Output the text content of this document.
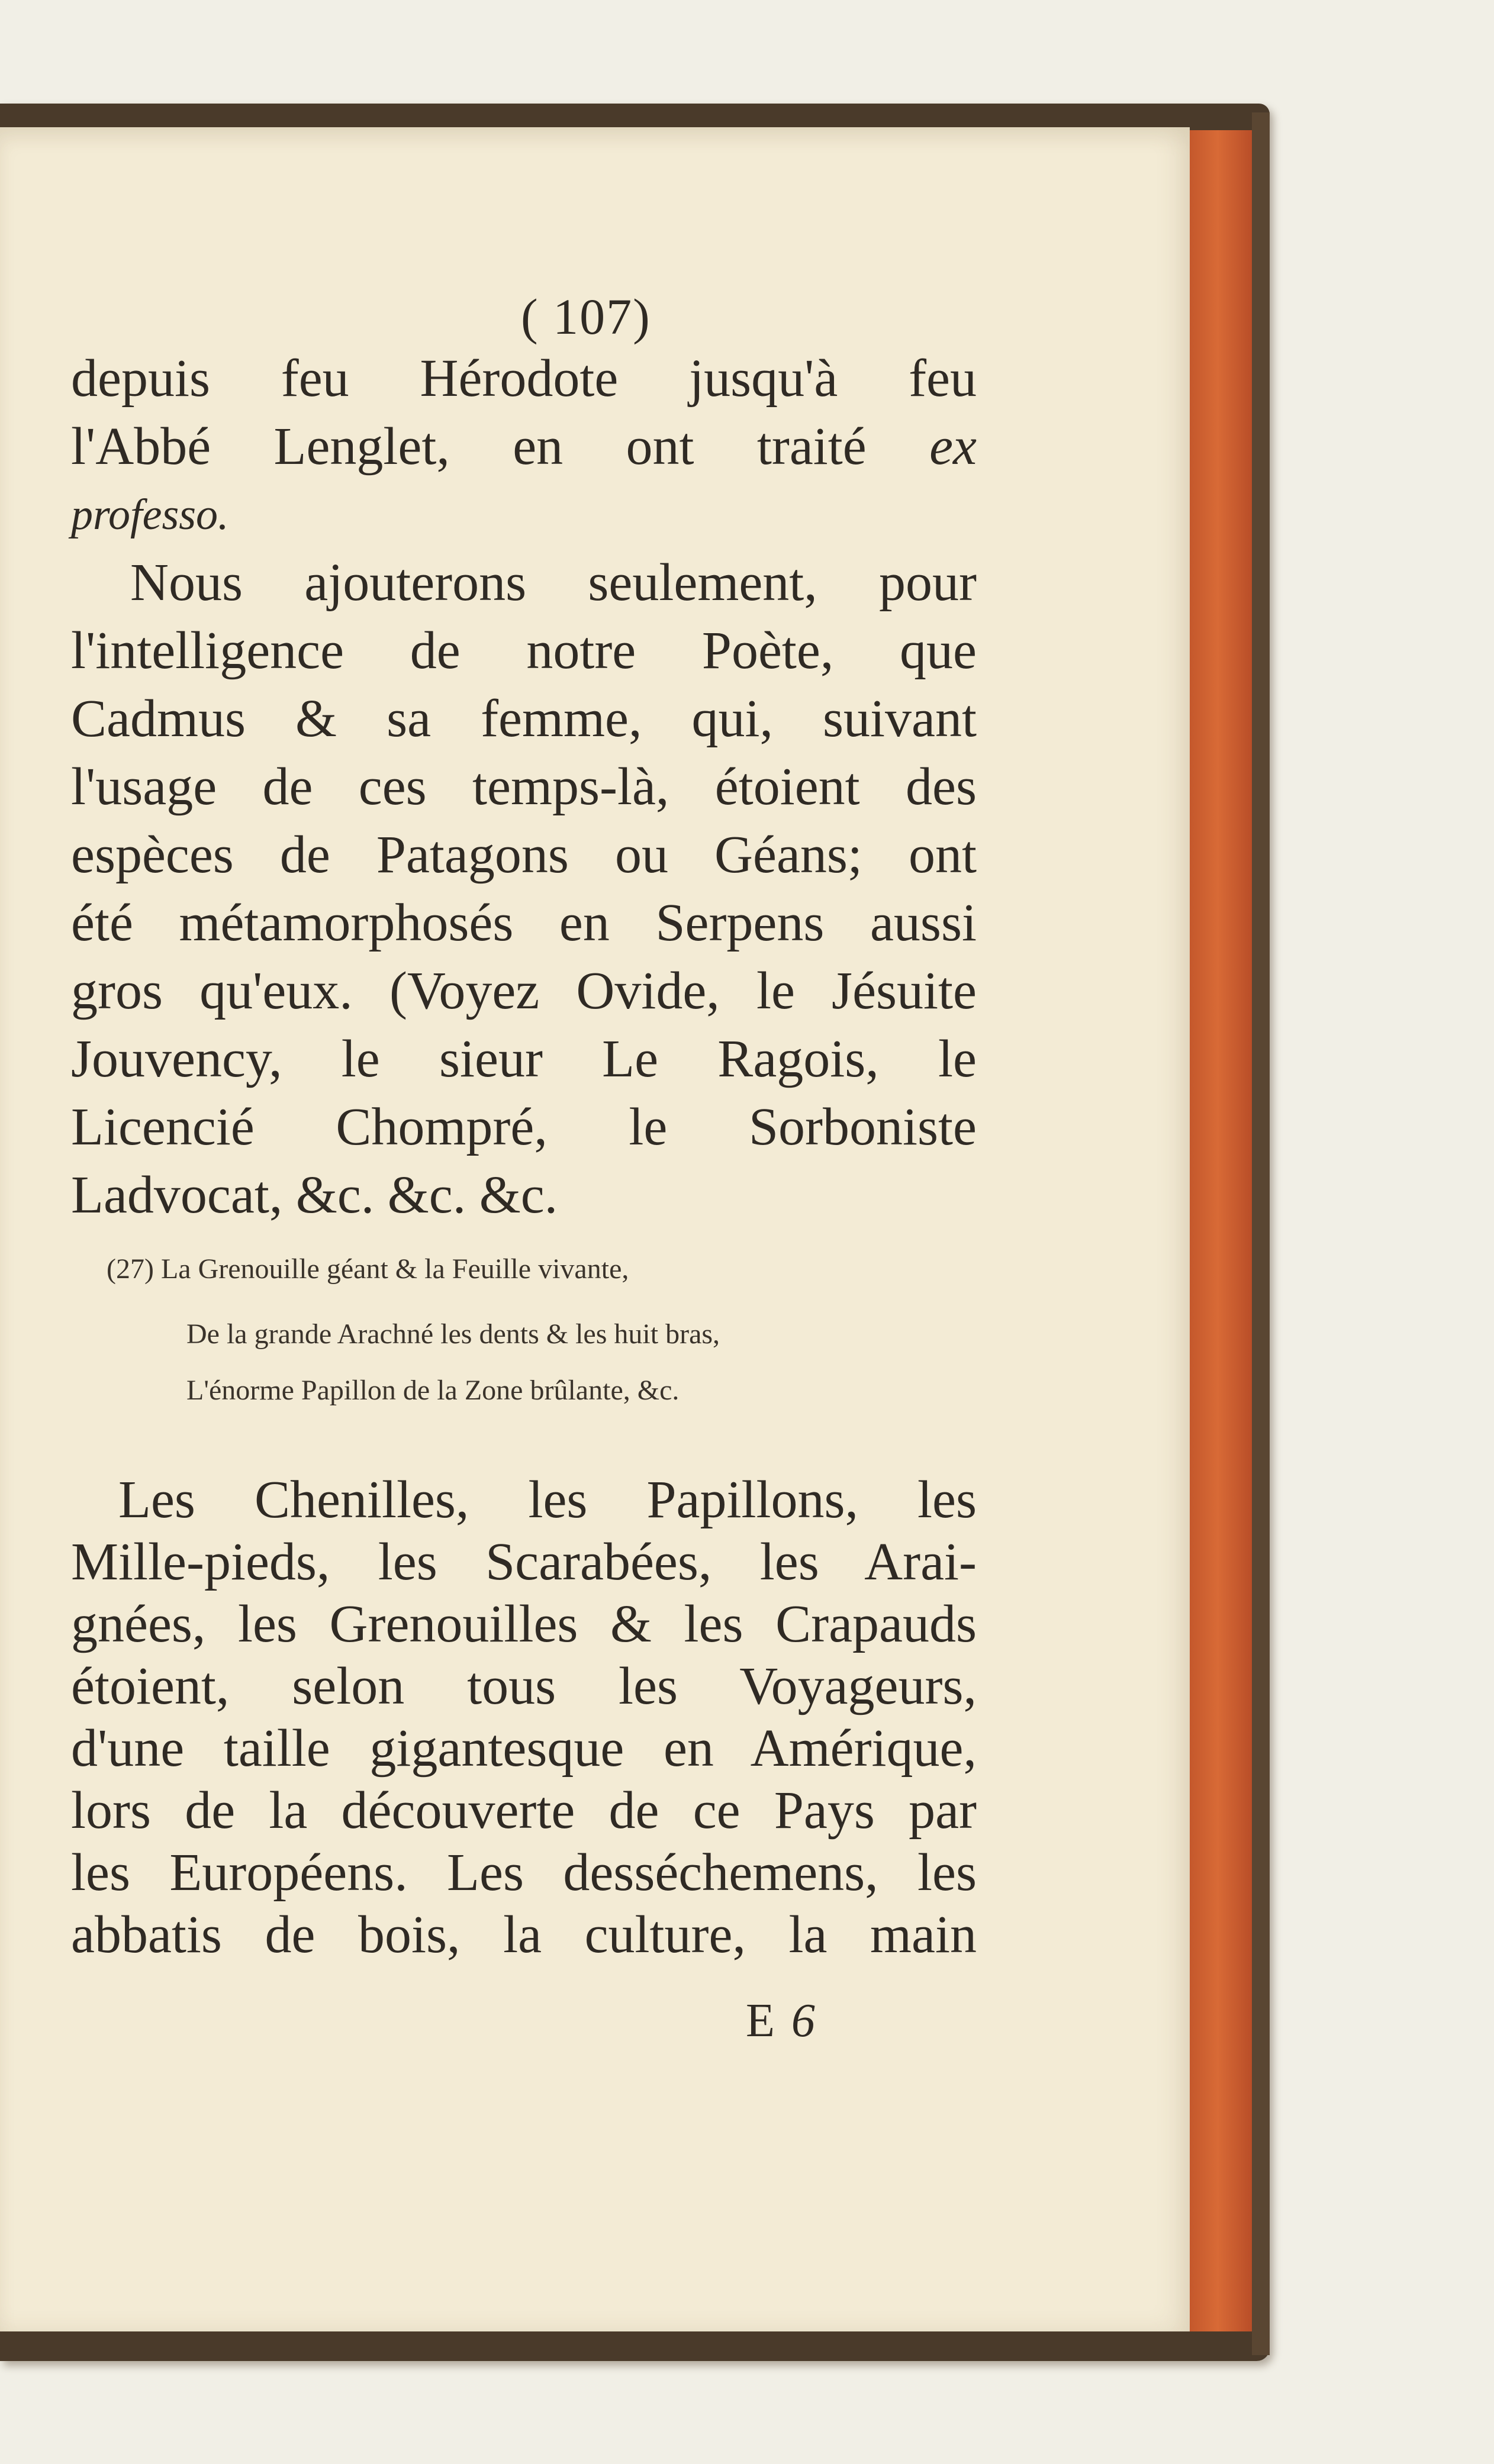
( 107)
depuis feu Hérodote jusqu'à feu
l'Abbé Lenglet, en ont traité ex
professo.
Nous ajouterons seulement, pour
l'intelligence de notre Poète, que
Cadmus & sa femme, qui, suivant
l'usage de ces temps-là, étoient des
espèces de Patagons ou Géans; ont
été métamorphosés en Serpens aussi
gros qu'eux. (Voyez Ovide, le Jésuite
Jouvency, le sieur Le Ragois, le
Licencié Chompré, le Sorboniste
Ladvocat, &c. &c. &c.
(27) La Grenouille géant & la Feuille vivante,
De la grande Arachné les dents & les huit bras,
L'énorme Papillon de la Zone brûlante, &c.
Les Chenilles, les Papillons, les
Mille-pieds, les Scarabées, les Arai-
gnées, les Grenouilles & les Crapauds
étoient, selon tous les Voyageurs,
d'une taille gigantesque en Amérique,
lors de la découverte de ce Pays par
les Européens. Les desséchemens, les
abbatis de bois, la culture, la main
E6
